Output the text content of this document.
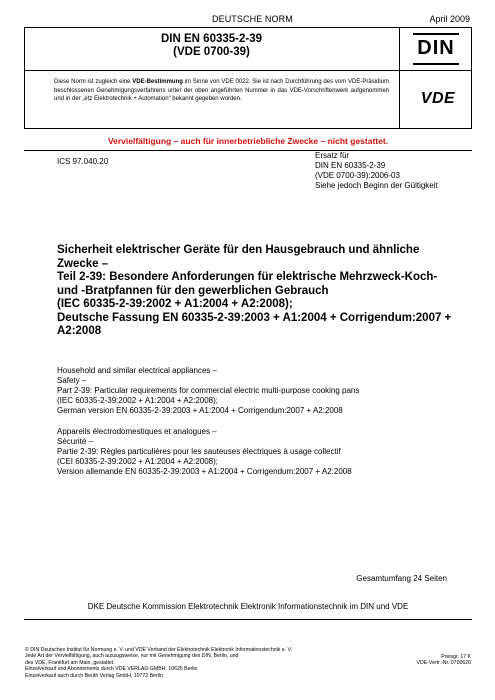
DEUTSCHE NORM	April 2009
DIN EN 60335-2-39
(VDE 0700-39)
Diese Norm ist zugleich eine VDE-Bestimmung im Sinne von VDE 0022. Sie ist nach Durchführung des vom VDE-Präsidium beschlossenen Genehmigungsverfahrens unter der oben angeführten Nummer in das VDE-Vorschriftenwerk aufgenommen und in der „etz Elektrotechnik + Automation“ bekannt gegeben worden.
DIN
VDE
Vervielfältigung – auch für innerbetriebliche Zwecke – nicht gestattet.
ICS 97.040.20
Ersatz für
DIN EN 60335-2-39
(VDE 0700-39):2006-03
Siehe jedoch Beginn der Gültigkeit
Sicherheit elektrischer Geräte für den Hausgebrauch und ähnliche
Zwecke –
Teil 2-39: Besondere Anforderungen für elektrische Mehrzweck-Koch-
und -Bratpfannen für den gewerblichen Gebrauch
(IEC 60335-2-39:2002 + A1:2004 + A2:2008);
Deutsche Fassung EN 60335-2-39:2003 + A1:2004 + Corrigendum:2007 +
A2:2008
Household and similar electrical appliances –
Safety –
Part 2-39: Particular requirements for commercial electric multi-purpose cooking pans
(IEC 60335-2-39:2002 + A1:2004 + A2:2008);
German version EN 60335-2-39:2003 + A1:2004 + Corrigendum:2007 + A2:2008
Appareils électrodomestiques et analogues –
Sécurité –
Partie 2-39: Règles particulières pour les sauteuses électriques à usage collectif
(CEI 60335-2-39:2002 + A1:2004 + A2:2008);
Version allemande EN 60335-2-39:2003 + A1:2004 + Corrigendum:2007 + A2:2008
Gesamtumfang 24 Seiten
DKE Deutsche Kommission Elektrotechnik Elektronik Informationstechnik im DIN und VDE
© DIN Deutsches Institut für Normung e. V. und VDE Verband der Elektrotechnik Elektronik Informationstechnik e. V.
Jede Art der Vervielfältigung, auch auszugsweise, nur mit Genehmigung des DIN, Berlin, und
des VDE, Frankfurt am Main, gestattet.
Einzelverkauf und Abonnements durch VDE VERLAG GMBH, 10625 Berlin
Einzelverkauf auch durch Beuth Verlag GmbH, 10772 Berlin
Preisgr. 17 K
VDE-Vertr.-Nr. 0700620
